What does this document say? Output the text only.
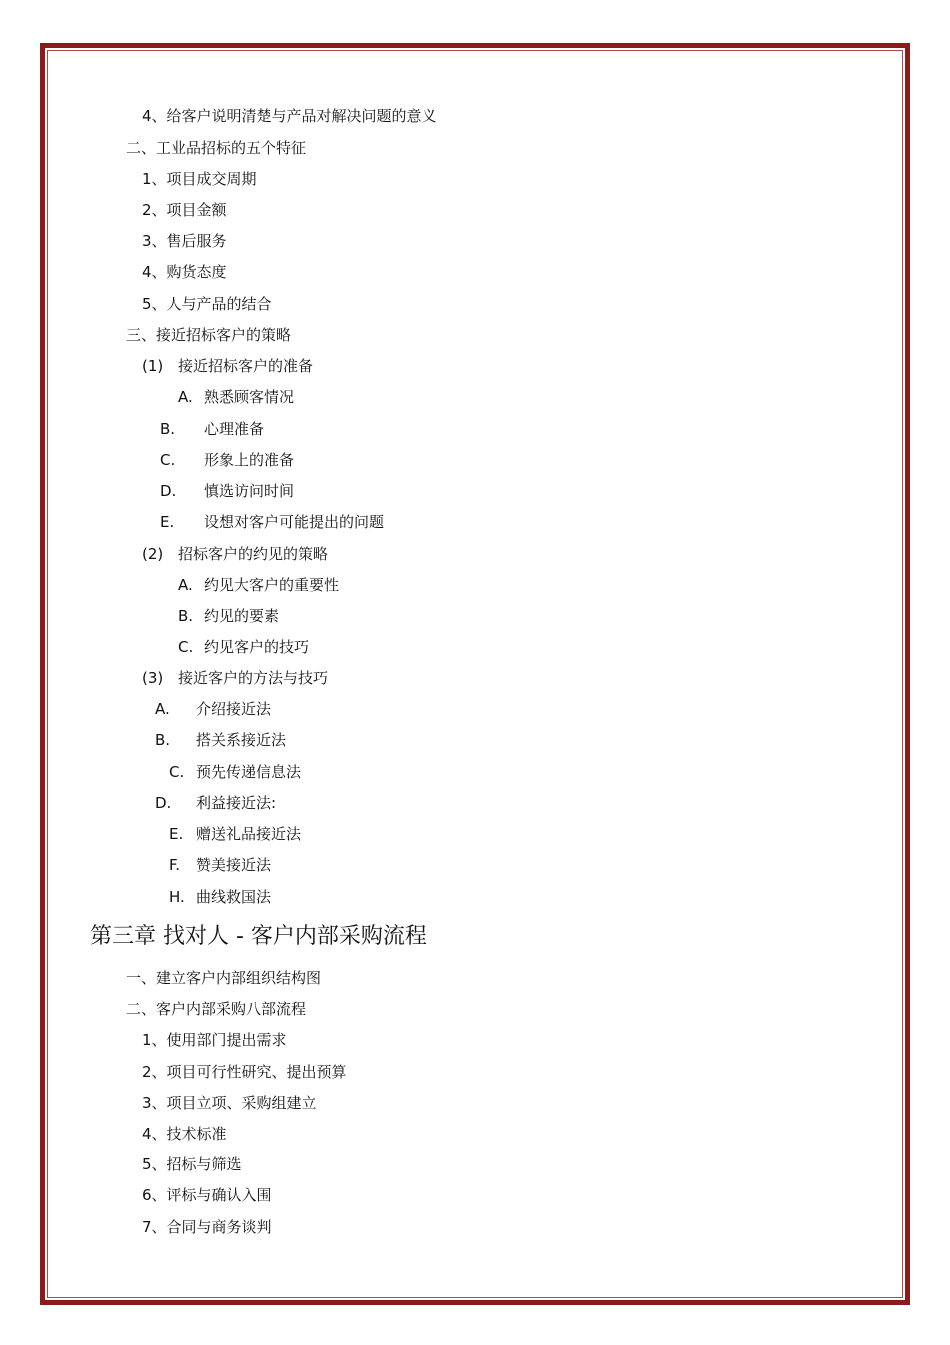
4、给客户说明清楚与产品对解决问题的意义
二、工业品招标的五个特征
1、项目成交周期
2、项目金额
3、售后服务
4、购货态度
5、人与产品的结合
三、接近招标客户的策略
(1) 接近招标客户的准备
A. 熟悉顾客情况
B. 心理准备
C. 形象上的准备
D. 慎选访问时间
E. 设想对客户可能提出的问题
(2) 招标客户的约见的策略
A. 约见大客户的重要性
B. 约见的要素
C. 约见客户的技巧
(3) 接近客户的方法与技巧
A. 介绍接近法
B. 搭关系接近法
C. 预先传递信息法
D. 利益接近法:
E. 赠送礼品接近法
F. 赞美接近法
H. 曲线救国法
第三章 找对人 - 客户内部采购流程
一、建立客户内部组织结构图
二、客户内部采购八部流程
1、使用部门提出需求
2、项目可行性研究、提出预算
3、项目立项、采购组建立
4、技术标准
5、招标与筛选
6、评标与确认入围
7、合同与商务谈判
